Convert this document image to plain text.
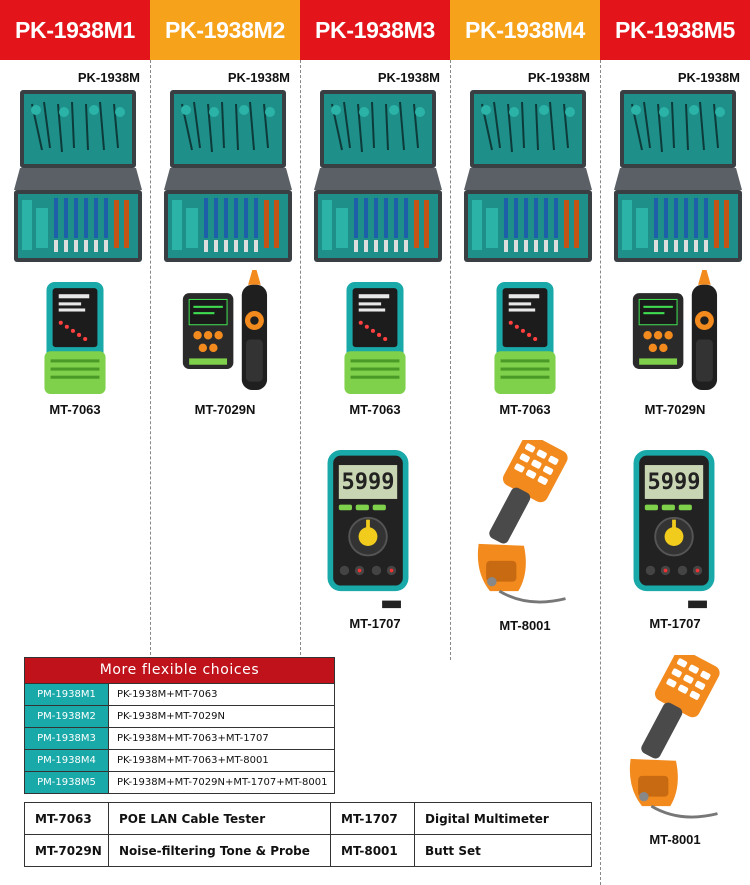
PK-1938M1	PK-1938M2	PK-1938M3	PK-1938M4	PK-1938M5
PK-1938M	PK-1938M	PK-1938M	PK-1938M	PK-1938M
MT-7063	MT-7029N	MT-7063
5999
MT-1707
MT-7063
MT-8001
MT-7029N
5999
MT-1707
MT-8001
More flexible choices
PM-1938M1	PK-1938M+MT-7063
PM-1938M2	PK-1938M+MT-7029N
PM-1938M3	PK-1938M+MT-7063+MT-1707
PM-1938M4	PK-1938M+MT-7063+MT-8001
PM-1938M5	PK-1938M+MT-7029N+MT-1707+MT-8001
MT-7063	POE LAN Cable Tester	MT-1707	Digital Multimeter
MT-7029N	Noise-filtering Tone & Probe	MT-8001	Butt Set
